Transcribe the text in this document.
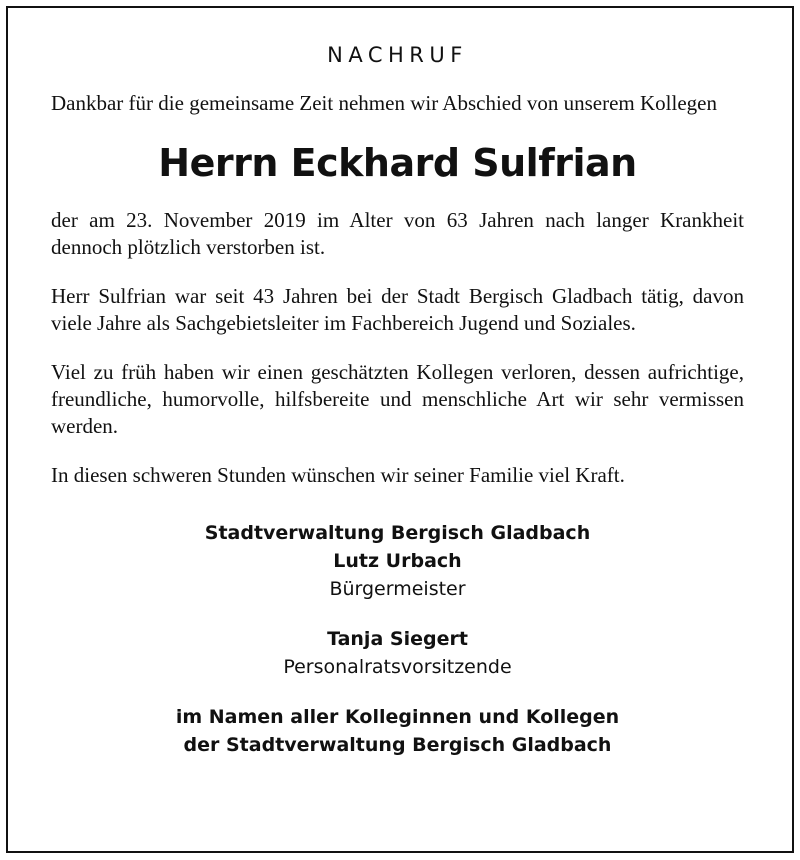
NACHRUF

Dankbar für die gemeinsame Zeit nehmen wir Abschied von unserem Kollegen

Herrn Eckhard Sulfrian

der am 23. November 2019 im Alter von 63 Jahren nach langer Krankheit dennoch plötzlich verstorben ist.

Herr Sulfrian war seit 43 Jahren bei der Stadt Bergisch Gladbach tätig, davon viele Jahre als Sachgebietsleiter im Fachbereich Jugend und Soziales.

Viel zu früh haben wir einen geschätzten Kollegen verloren, dessen aufrichtige, freundliche, humorvolle, hilfsbereite und menschliche Art wir sehr vermissen werden.

In diesen schweren Stunden wünschen wir seiner Familie viel Kraft.

Stadtverwaltung Bergisch Gladbach
Lutz Urbach
Bürgermeister
Tanja Siegert
Personalratsvorsitzende
im Namen aller Kolleginnen und Kollegen
der Stadtverwaltung Bergisch Gladbach
